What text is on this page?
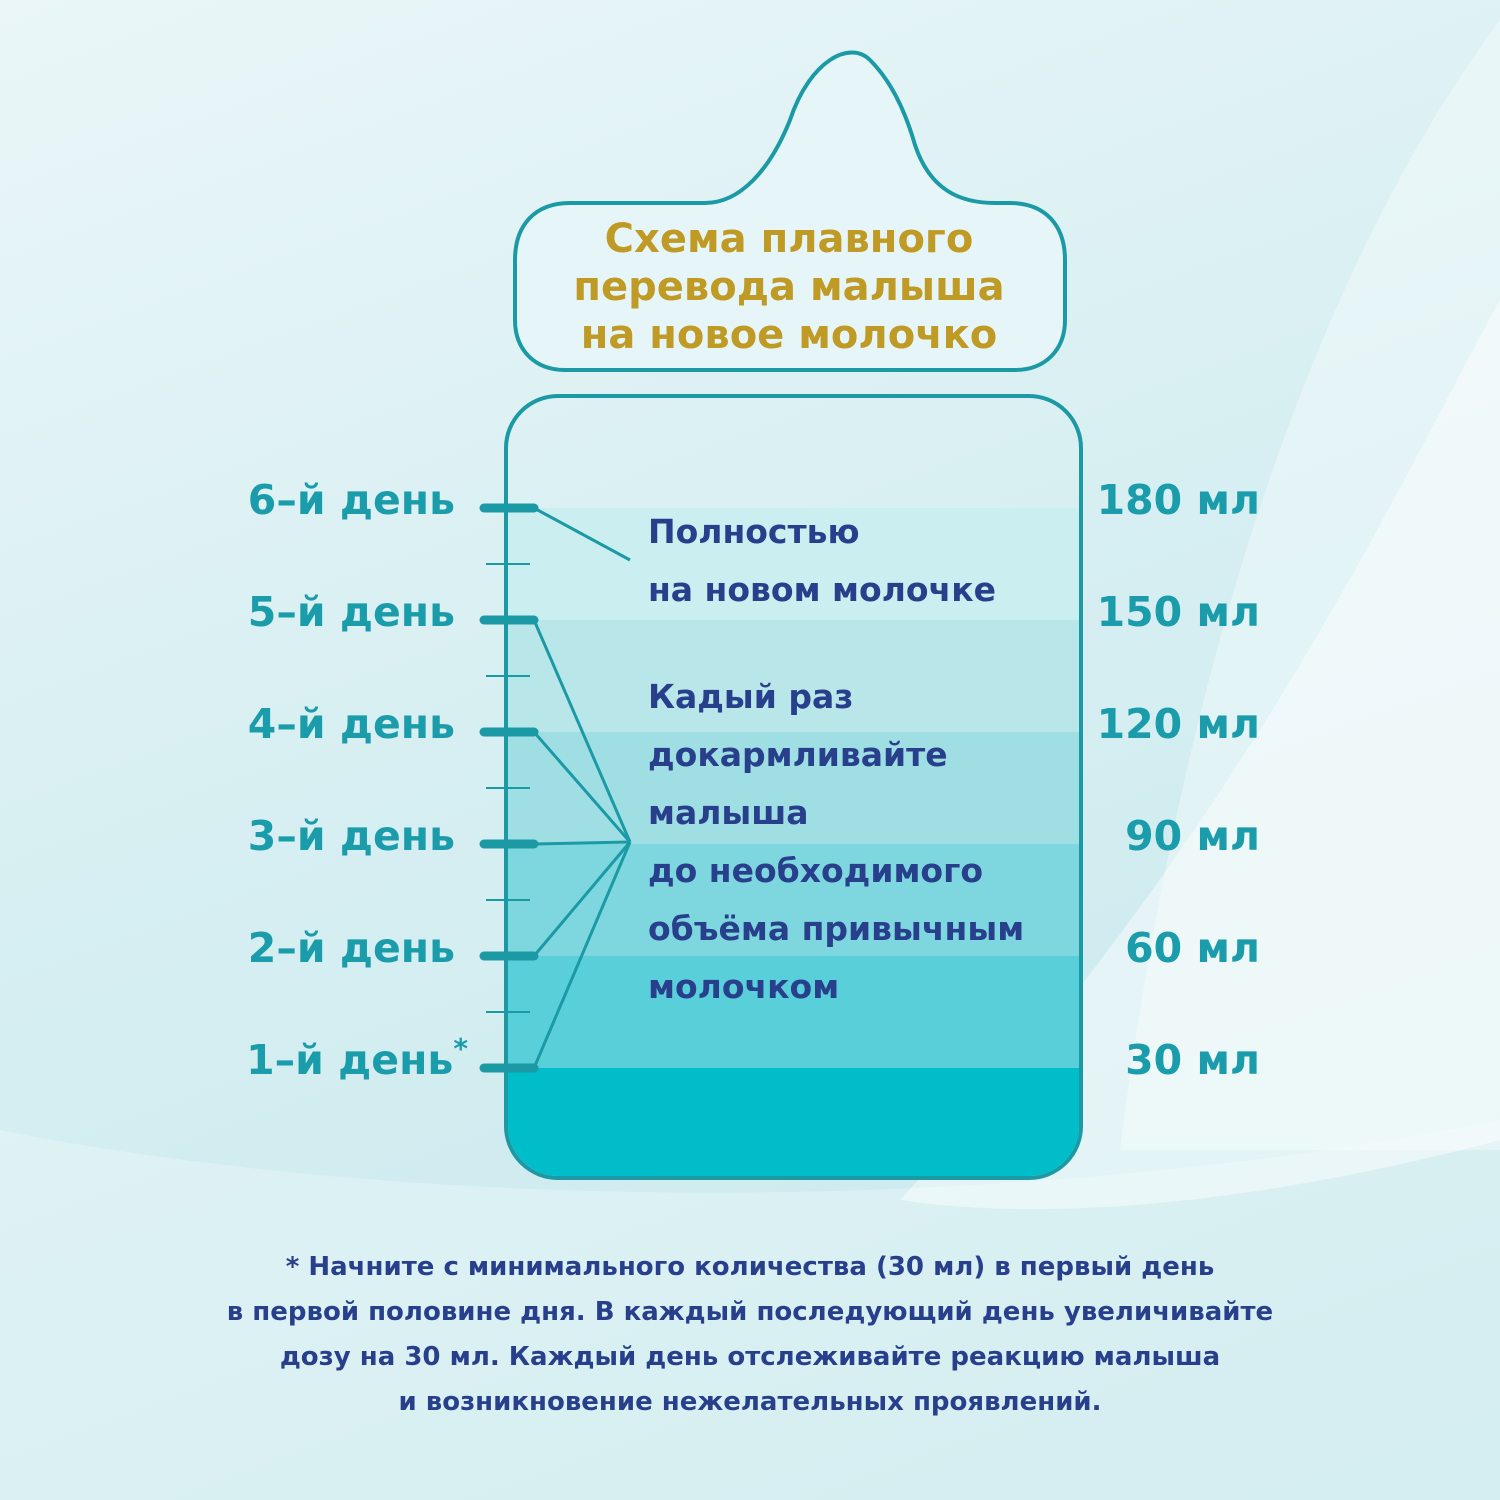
Схема плавного
перевода малыша
на новое молочко
6–й день
5–й день
4–й день
3–й день
2–й день
1–й день*
180 мл
150 мл
120 мл
90 мл
60 мл
30 мл
Полностью
на новом молочке
Кадый раз
докармливайте
малыша
до необходимого
объёма привычным
молочком
* Начните с минимального количества (30 мл) в первый день
в первой половине дня. В каждый последующий день увеличивайте
дозу на 30 мл. Каждый день отслеживайте реакцию малыша
и возникновение нежелательных проявлений.
